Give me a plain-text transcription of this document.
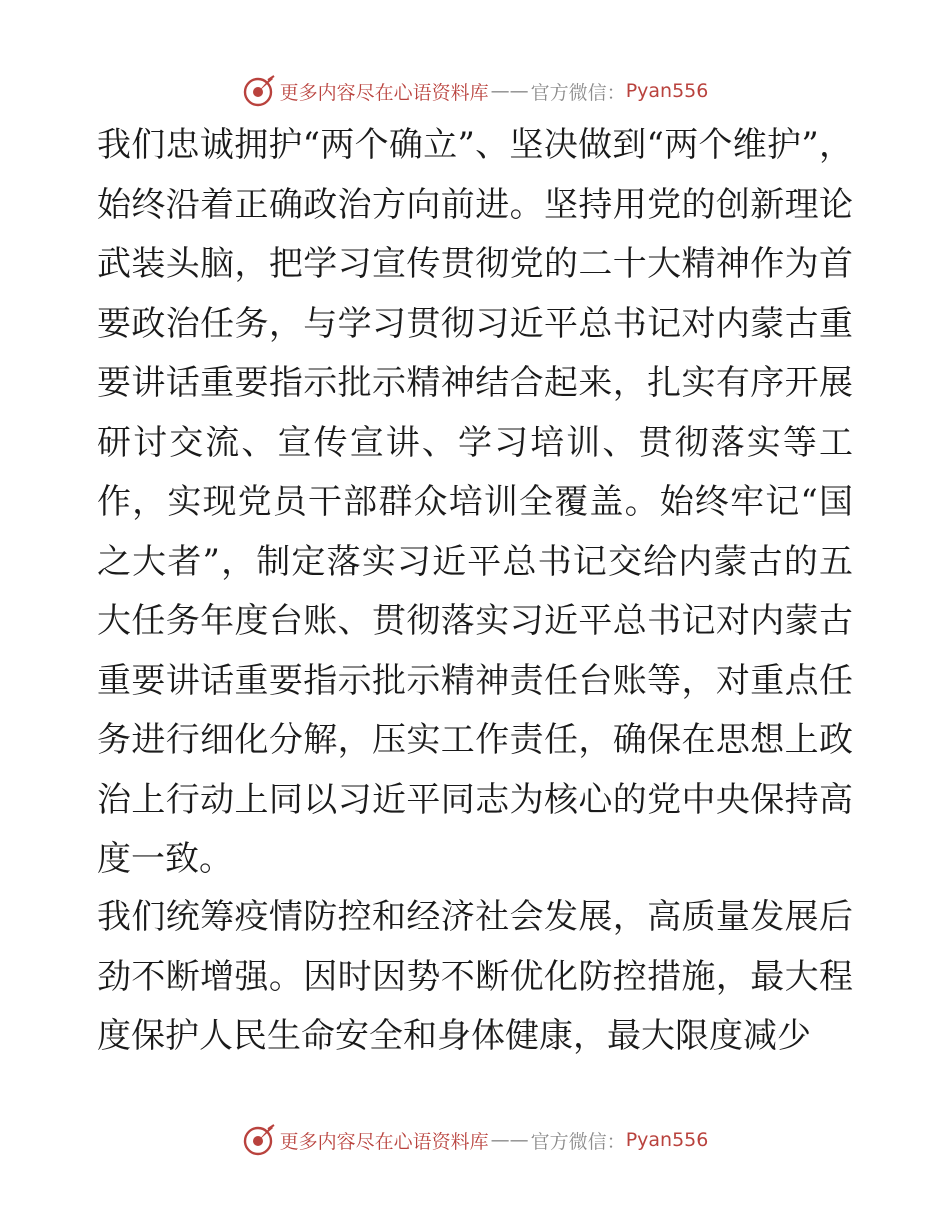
更多内容尽在心语资料库 —— 官方微信： Pyan556

我们忠诚拥护“两个确立”、坚决做到“两个维护”，始终沿着正确政治方向前进。坚持用党的创新理论武装头脑，把学习宣传贯彻党的二十大精神作为首要政治任务，与学习贯彻习近平总书记对内蒙古重要讲话重要指示批示精神结合起来，扎实有序开展研讨交流、宣传宣讲、学习培训、贯彻落实等工作，实现党员干部群众培训全覆盖。始终牢记“国之大者”，制定落实习近平总书记交给内蒙古的五大任务年度台账、贯彻落实习近平总书记对内蒙古重要讲话重要指示批示精神责任台账等，对重点任务进行细化分解，压实工作责任，确保在思想上政治上行动上同以习近平同志为核心的党中央保持高度一致。

我们统筹疫情防控和经济社会发展，高质量发展后劲不断增强。因时因势不断优化防控措施，最大程度保护人民生命安全和身体健康，最大限度减少

更多内容尽在心语资料库 —— 官方微信： Pyan556
